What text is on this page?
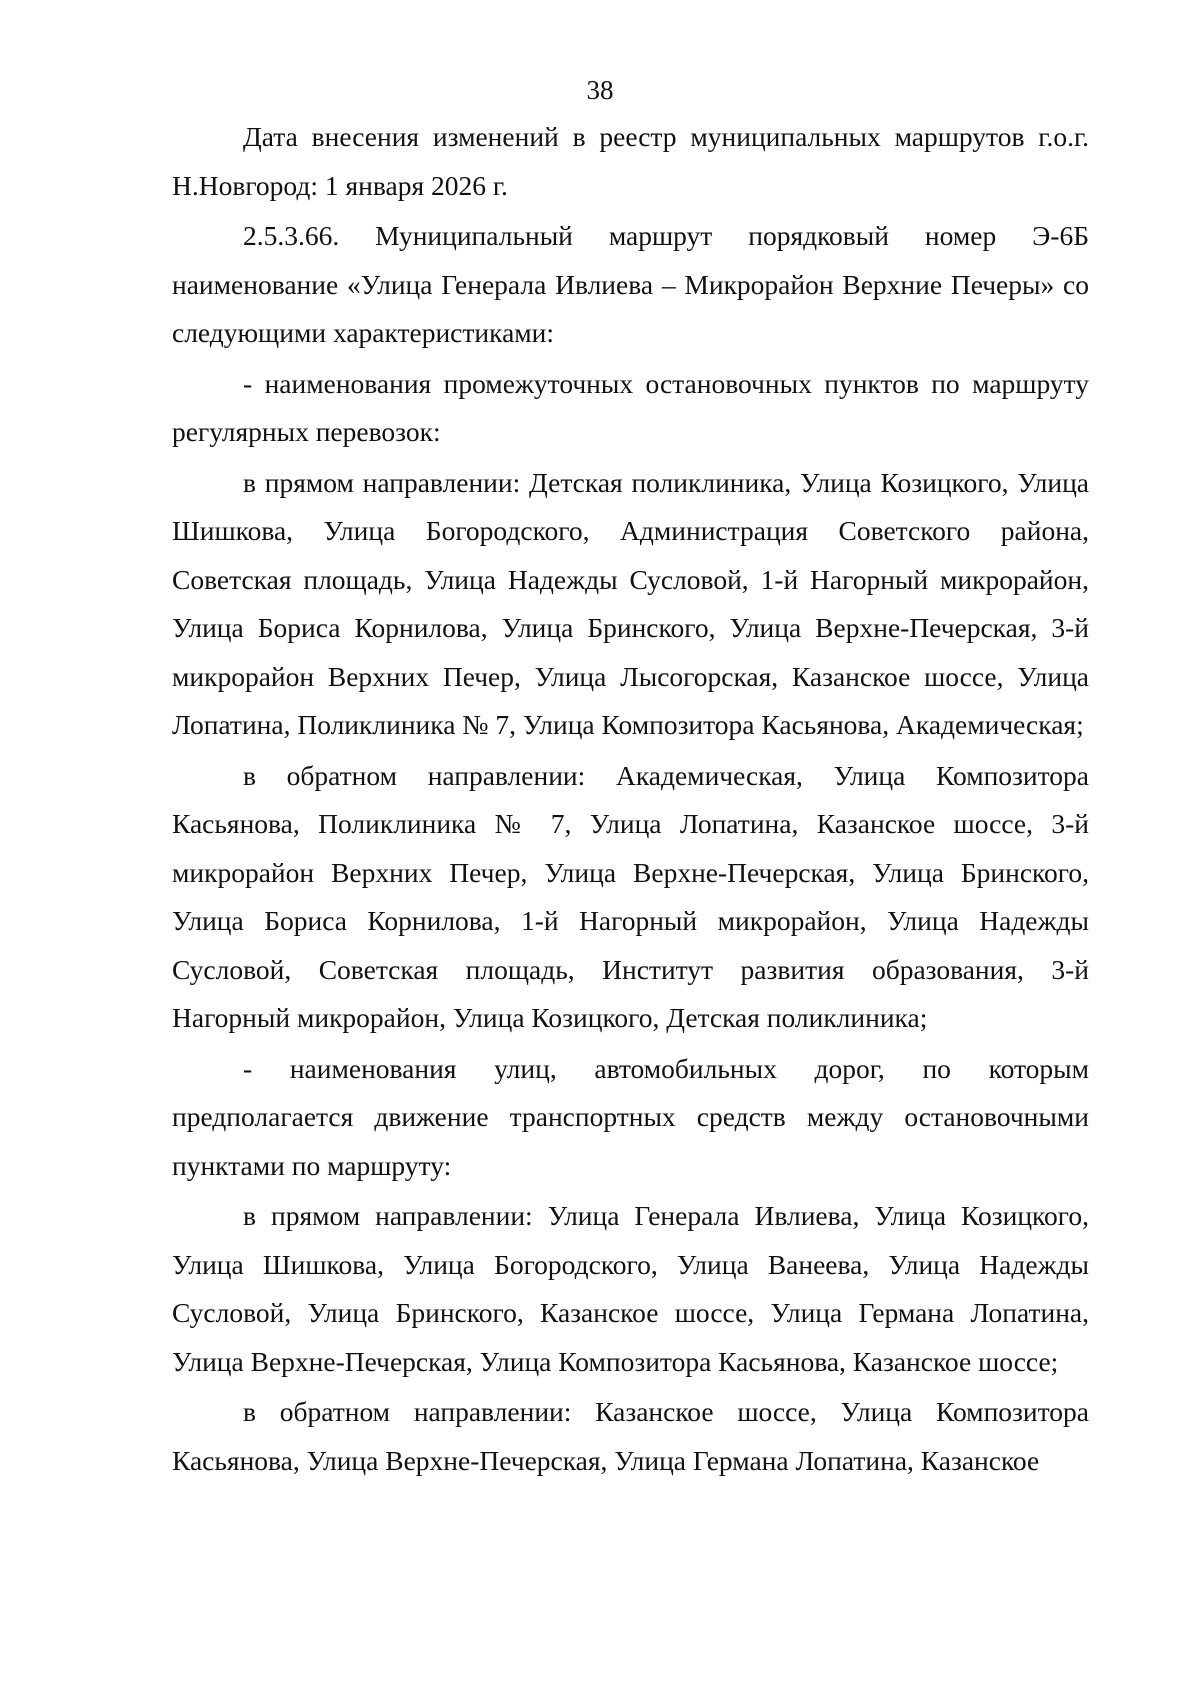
38

Дата внесения изменений в реестр муниципальных маршрутов г.о.г. Н.Новгород: 1 января 2026 г.

2.5.3.66. Муниципальный маршрут порядковый номер Э-6Б наименование «Улица Генерала Ивлиева – Микрорайон Верхние Печеры» со следующими характеристиками:

- наименования промежуточных остановочных пунктов по маршруту регулярных перевозок:

в прямом направлении: Детская поликлиника, Улица Козицкого, Улица Шишкова, Улица Богородского, Администрация Советского района, Советская площадь, Улица Надежды Сусловой, 1-й Нагорный микрорайон, Улица Бориса Корнилова, Улица Бринского, Улица Верхне-Печерская, 3-й микрорайон Верхних Печер, Улица Лысогорская, Казанское шоссе, Улица Лопатина, Поликлиника № 7, Улица Композитора Касьянова, Академическая;

в обратном направлении: Академическая, Улица Композитора Касьянова, Поликлиника № 7, Улица Лопатина, Казанское шоссе, 3-й микрорайон Верхних Печер, Улица Верхне-Печерская, Улица Бринского, Улица Бориса Корнилова, 1-й Нагорный микрорайон, Улица Надежды Сусловой, Советская площадь, Институт развития образования, 3-й Нагорный микрорайон, Улица Козицкого, Детская поликлиника;

- наименования улиц, автомобильных дорог, по которым предполагается движение транспортных средств между остановочными пунктами по маршруту:

в прямом направлении: Улица Генерала Ивлиева, Улица Козицкого, Улица Шишкова, Улица Богородского, Улица Ванеева, Улица Надежды Сусловой, Улица Бринского, Казанское шоссе, Улица Германа Лопатина, Улица Верхне-Печерская, Улица Композитора Касьянова, Казанское шоссе;

в обратном направлении: Казанское шоссе, Улица Композитора Касьянова, Улица Верхне-Печерская, Улица Германа Лопатина, Казанское
